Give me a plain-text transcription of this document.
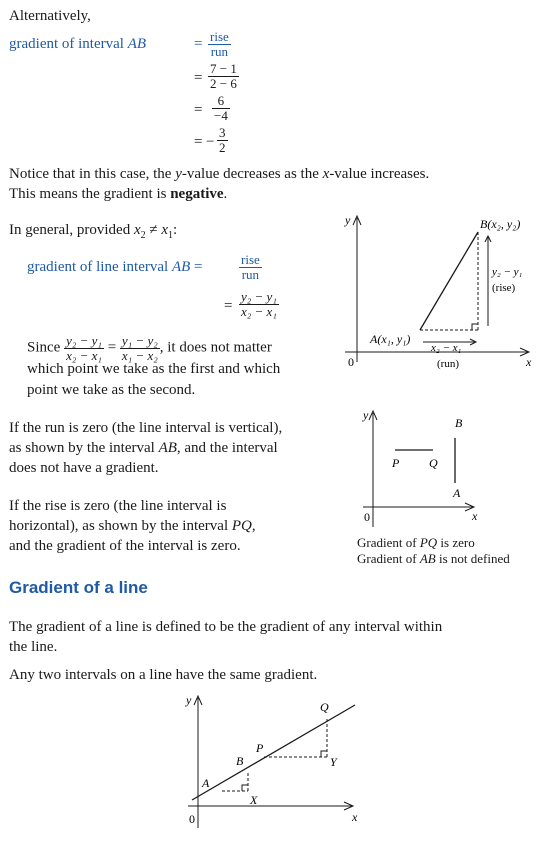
Alternatively,
gradient of interval AB	= rise
run
= $\frac{7 - 1}{2 - 6}$
= $\frac{6}{-4}$
= − $\frac{3}{2}$
Notice that in this case, the y-value decreases as the x-value increases.
This means the gradient is negative.
In general, provided $x_2 \ne x_1$:
gradient of line interval AB =	rise
run
= $\frac{\text{y₂ − y₁}}{\text{x₂ − x₁}}$
Since $\frac{\text{y₂ − y₁}}{\text{x₂ − x₁}} = \frac{\text{y₁ − y₂}}{\text{x₁ − x₂}}$ , it does not matter
which point we take as the first and which
point we take as the second.
y
x
0
B(x₂, y₂)
A(x₁, y₁)
y₂ − y₁
(rise)
x₂ − x₁
(run)
If the run is zero (the line interval is vertical),
as shown by the interval AB, and the interval
does not have a gradient.
If the rise is zero (the line interval is
horizontal), as shown by the interval PQ,
and the gradient of the interval is zero.
y
x
0
B
A
P Q
Gradient of PQ is zero
Gradient of AB is not defined
Gradient of a line
The gradient of a line is defined to be the gradient of any interval within
the line.
Any two intervals on a line have the same gradient.
y
x
0
A
B
P
Q
X
Y
